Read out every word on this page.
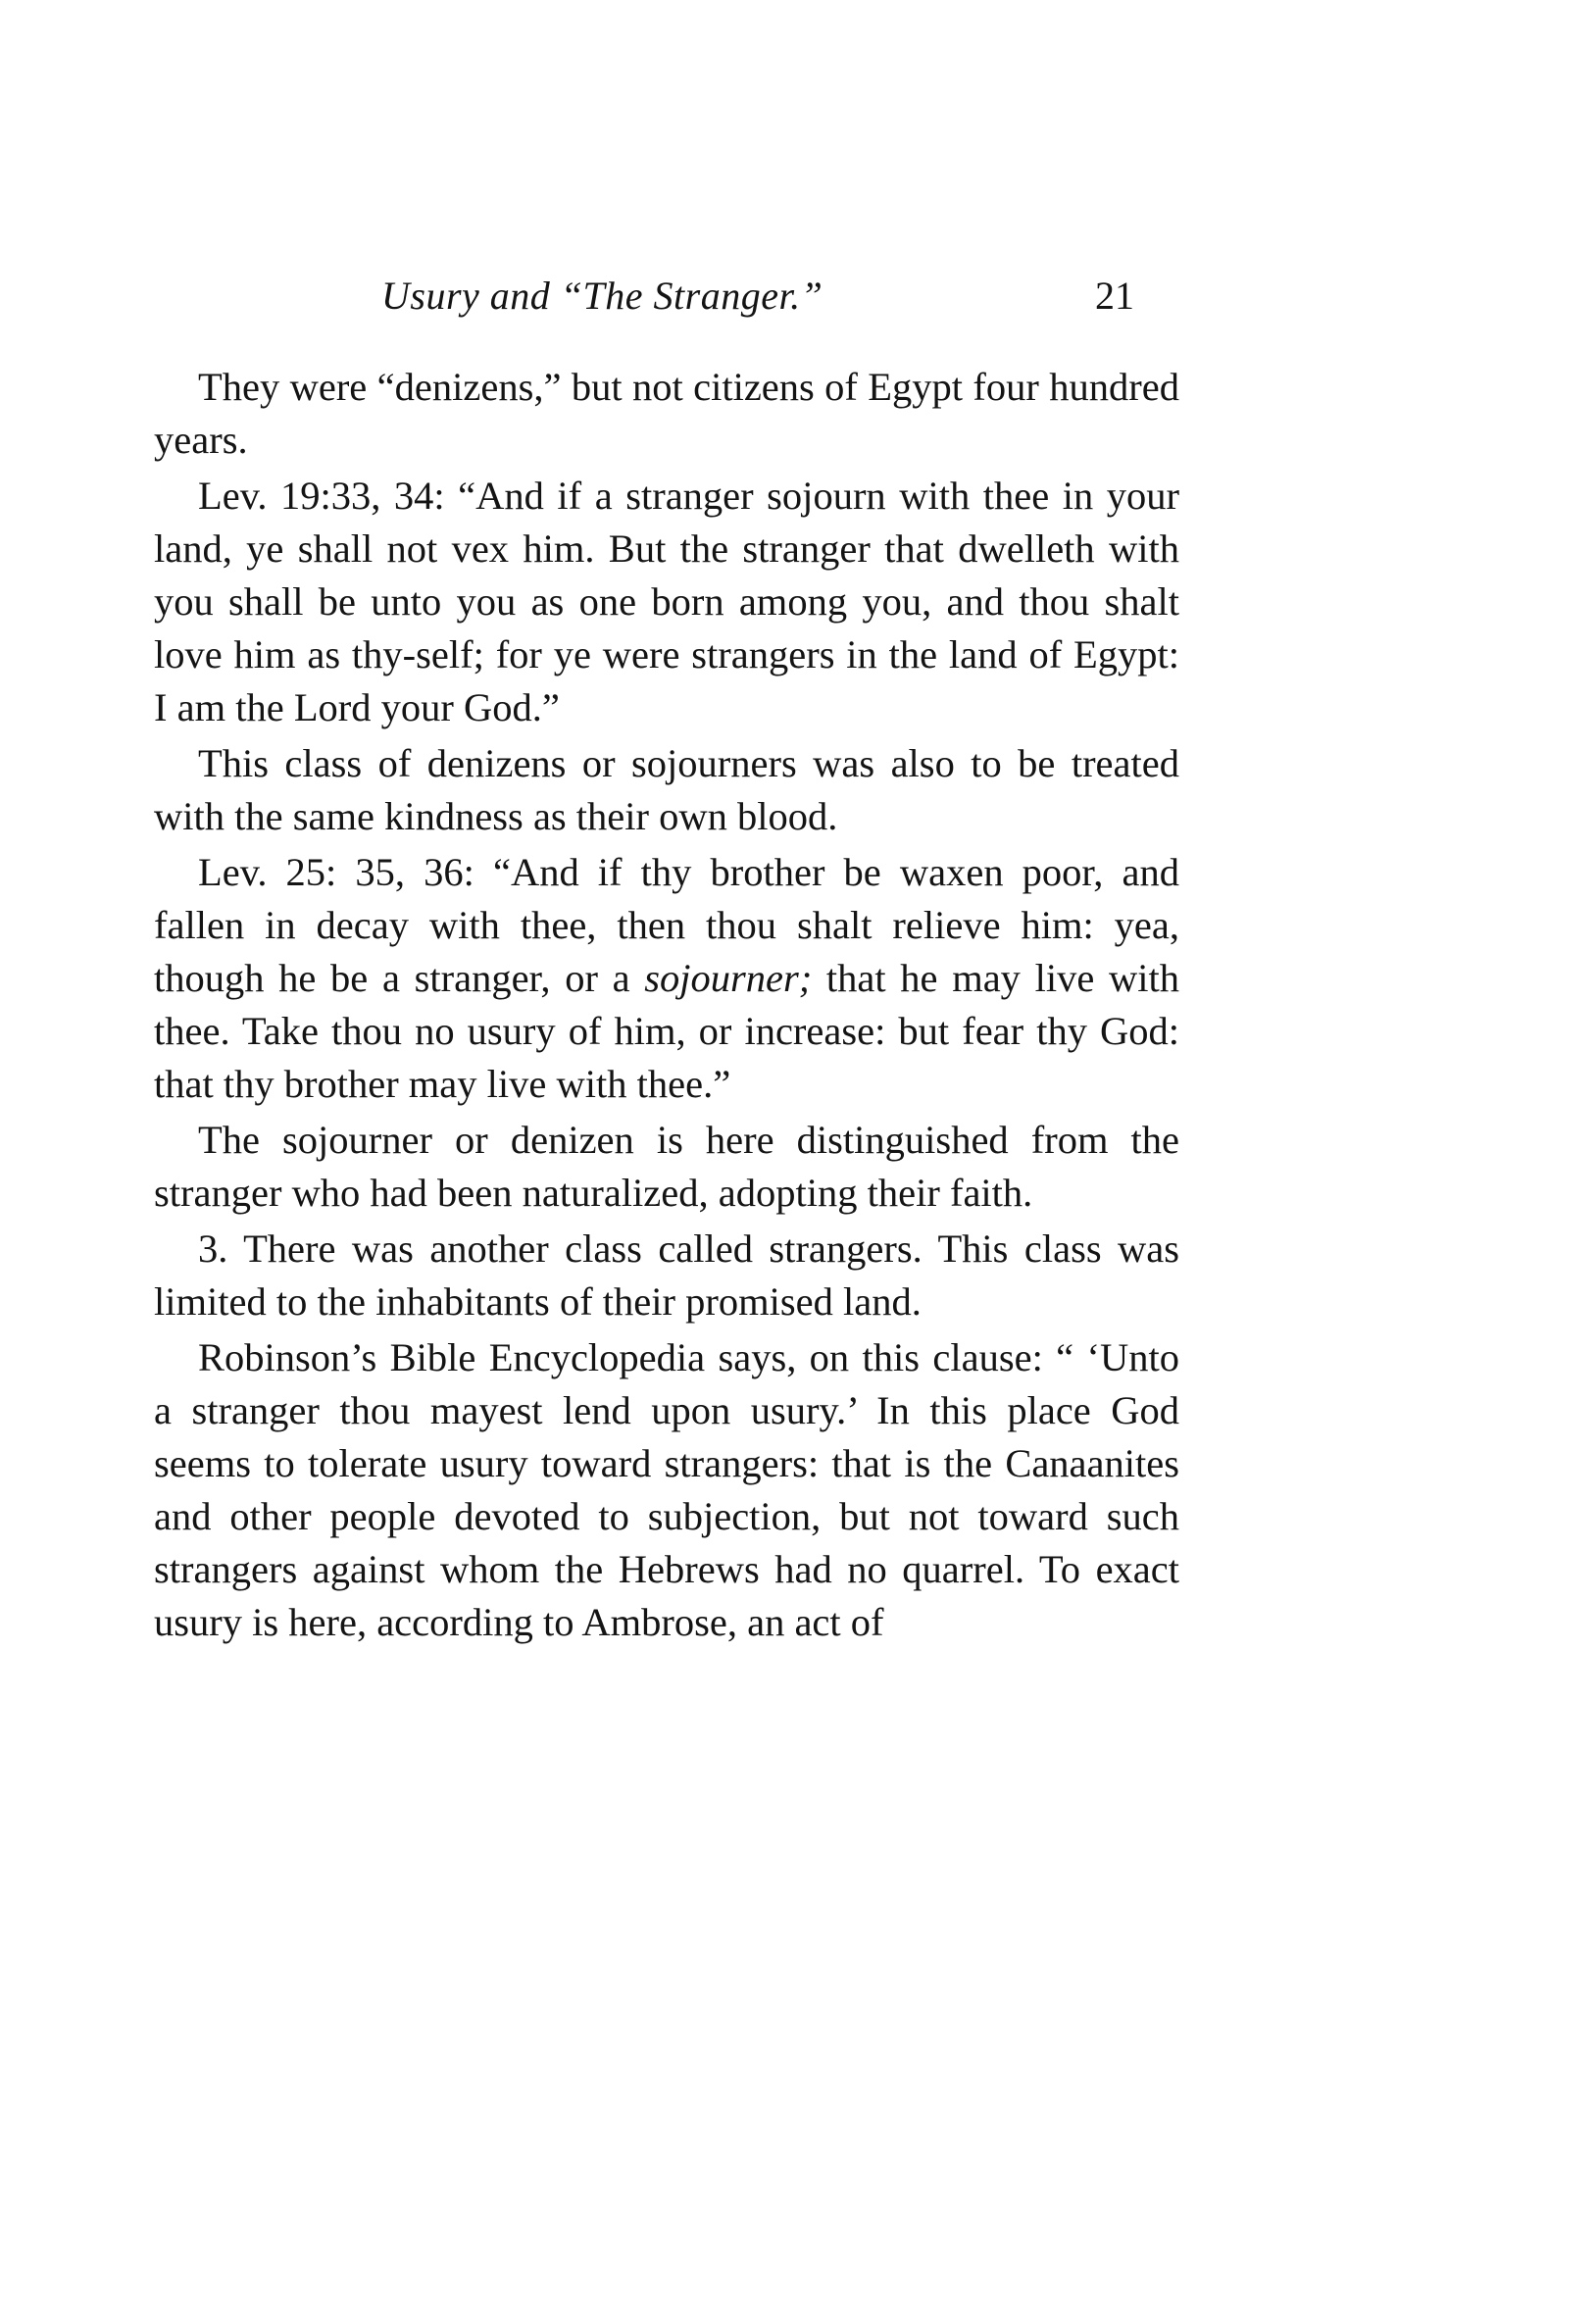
Usury and “The Stranger.”	21

They were “denizens,” but not citizens of Egypt four hundred years.

Lev. 19:33, 34: “And if a stranger sojourn with thee in your land, ye shall not vex him. But the stranger that dwelleth with you shall be unto you as one born among you, and thou shalt love him as thy-self; for ye were strangers in the land of Egypt: I am the Lord your God.”

This class of denizens or sojourners was also to be treated with the same kindness as their own blood.

Lev. 25: 35, 36: “And if thy brother be waxen poor, and fallen in decay with thee, then thou shalt relieve him: yea, though he be a stranger, or a sojourner; that he may live with thee. Take thou no usury of him, or increase: but fear thy God: that thy brother may live with thee.”

The sojourner or denizen is here distinguished from the stranger who had been naturalized, adopting their faith.

3. There was another class called strangers. This class was limited to the inhabitants of their promised land.

Robinson’s Bible Encyclopedia says, on this clause: “ ‘Unto a stranger thou mayest lend upon usury.’ In this place God seems to tolerate usury toward strangers: that is the Canaanites and other people devoted to subjection, but not toward such strangers against whom the Hebrews had no quarrel. To exact usury is here, according to Ambrose, an act of
